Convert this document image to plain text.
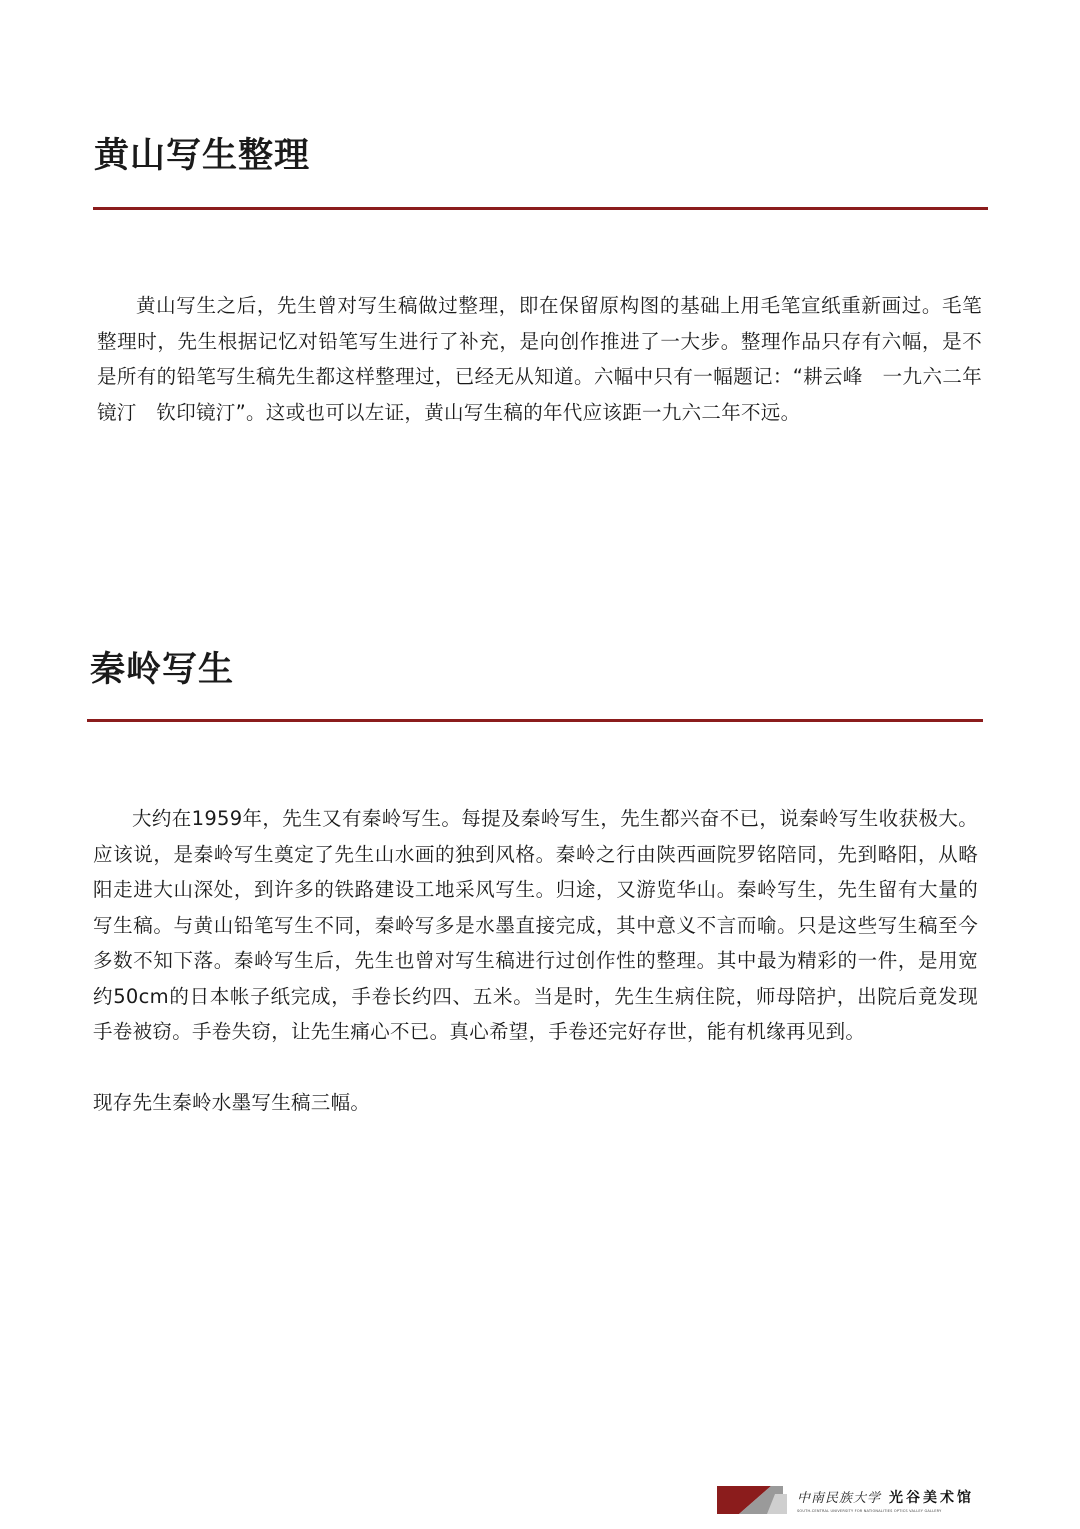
黄山写生整理

黄山写生之后，先生曾对写生稿做过整理，即在保留原构图的基础上用毛笔宣纸重新画过。毛笔整理时，先生根据记忆对铅笔写生进行了补充，是向创作推进了一大步。整理作品只存有六幅，是不是所有的铅笔写生稿先生都这样整理过，已经无从知道。六幅中只有一幅题记：“耕云峰　一九六二年　镜汀　钦印镜汀”。这或也可以左证，黄山写生稿的年代应该距一九六二年不远。

秦岭写生

大约在1959年，先生又有秦岭写生。每提及秦岭写生，先生都兴奋不已，说秦岭写生收获极大。应该说，是秦岭写生奠定了先生山水画的独到风格。秦岭之行由陕西画院罗铭陪同，先到略阳，从略阳走进大山深处，到许多的铁路建设工地采风写生。归途，又游览华山。秦岭写生，先生留有大量的写生稿。与黄山铅笔写生不同，秦岭写多是水墨直接完成，其中意义不言而喻。只是这些写生稿至今多数不知下落。秦岭写生后，先生也曾对写生稿进行过创作性的整理。其中最为精彩的一件，是用宽约50cm的日本帐子纸完成，手卷长约四、五米。当是时，先生生病住院，师母陪护，出院后竟发现手卷被窃。手卷失窃，让先生痛心不已。真心希望，手卷还完好存世，能有机缘再见到。

现存先生秦岭水墨写生稿三幅。

中南民族大学 光谷美术馆
SOUTH-CENTRAL UNIVERSITY FOR NATIONALITIES OPTICS VALLEY GALLERY
